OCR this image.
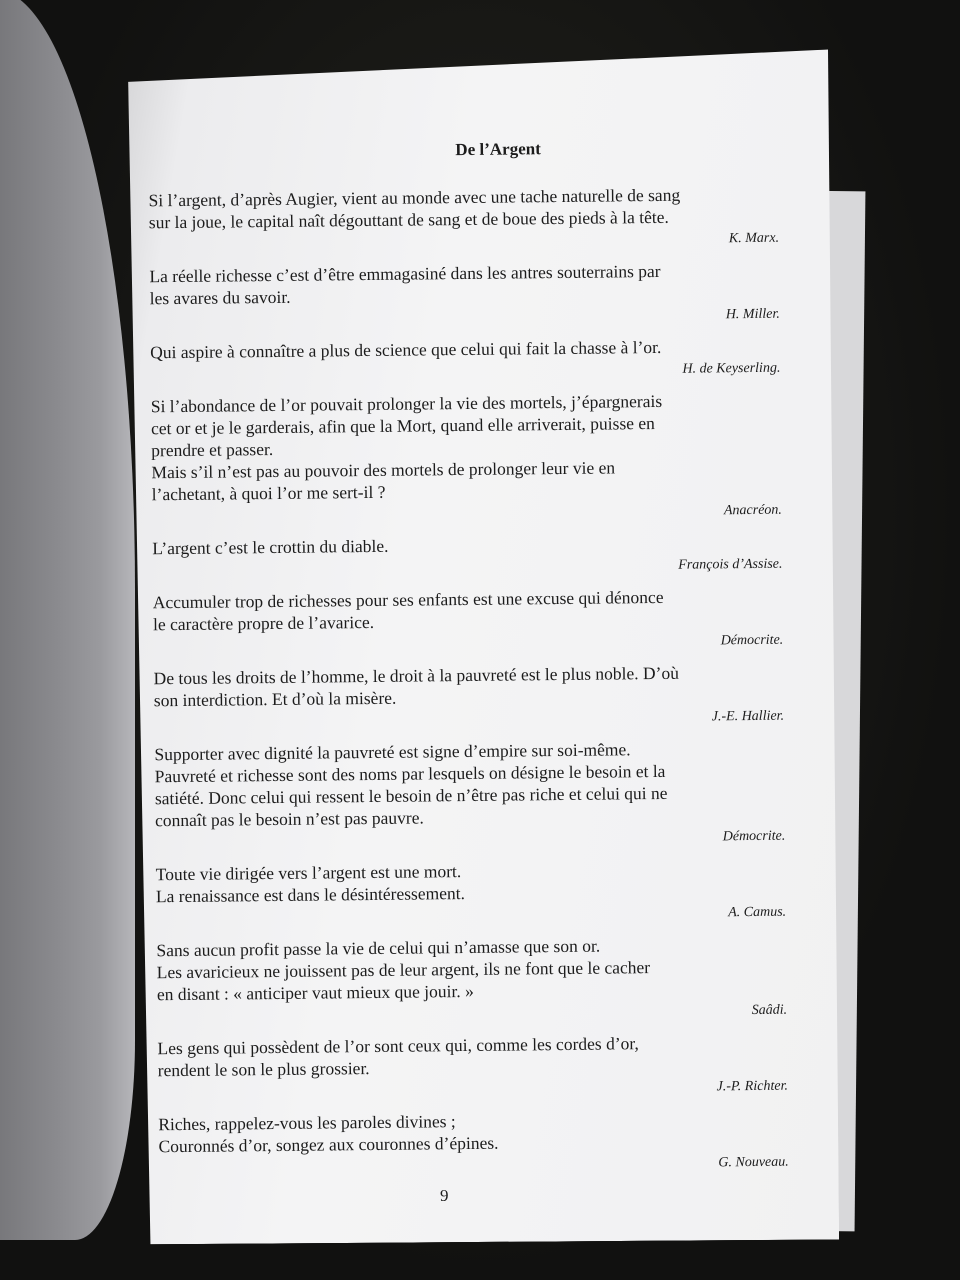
De l’Argent

Si l’argent, d’après Augier, vient au monde avec une tache naturelle de sang
sur la joue, le capital naît dégouttant de sang et de boue des pieds à la tête.

K. Marx.

La réelle richesse c’est d’être emmagasiné dans les antres souterrains par
les avares du savoir.

H. Miller.

Qui aspire à connaître a plus de science que celui qui fait la chasse à l’or.

H. de Keyserling.

Si l’abondance de l’or pouvait prolonger la vie des mortels, j’épargnerais
cet or et je le garderais, afin que la Mort, quand elle arriverait, puisse en
prendre et passer.
Mais s’il n’est pas au pouvoir des mortels de prolonger leur vie en
l’achetant, à quoi l’or me sert-il ?

Anacréon.

L’argent c’est le crottin du diable.

François d’Assise.

Accumuler trop de richesses pour ses enfants est une excuse qui dénonce
le caractère propre de l’avarice.

Démocrite.

De tous les droits de l’homme, le droit à la pauvreté est le plus noble. D’où
son interdiction. Et d’où la misère.

J.-E. Hallier.

Supporter avec dignité la pauvreté est signe d’empire sur soi-même.
Pauvreté et richesse sont des noms par lesquels on désigne le besoin et la
satiété. Donc celui qui ressent le besoin de n’être pas riche et celui qui ne
connaît pas le besoin n’est pas pauvre.

Démocrite.

Toute vie dirigée vers l’argent est une mort.
La renaissance est dans le désintéressement.

A. Camus.

Sans aucun profit passe la vie de celui qui n’amasse que son or.
Les avaricieux ne jouissent pas de leur argent, ils ne font que le cacher
en disant : « anticiper vaut mieux que jouir. »

Saâdi.

Les gens qui possèdent de l’or sont ceux qui, comme les cordes d’or,
rendent le son le plus grossier.

J.-P. Richter.

Riches, rappelez-vous les paroles divines ;
Couronnés d’or, songez aux couronnes d’épines.

G. Nouveau.

9
